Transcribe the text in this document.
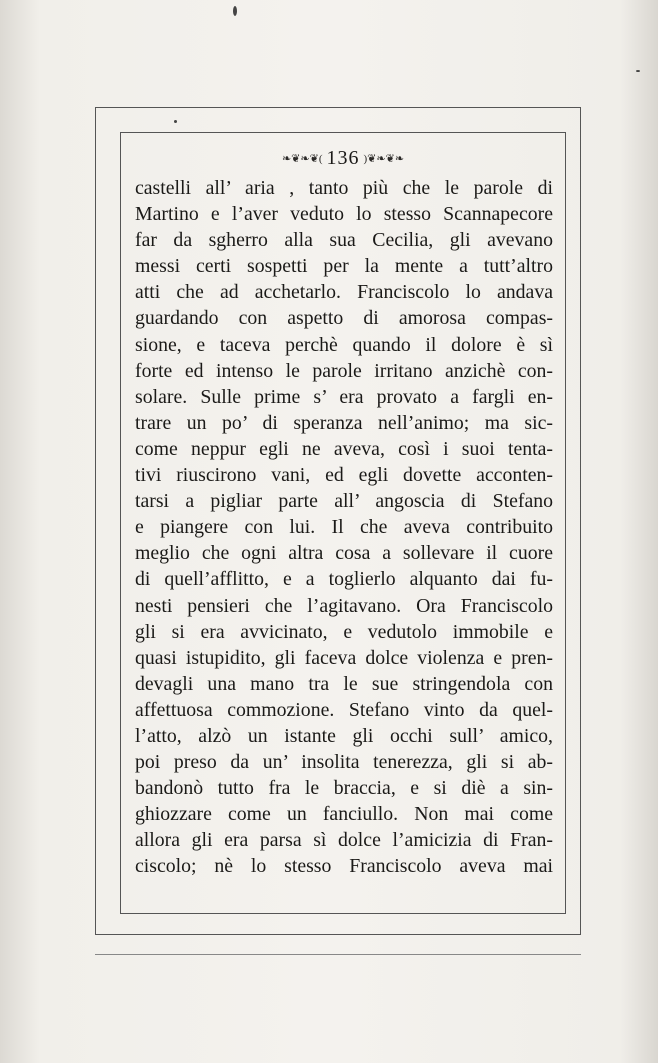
❧❦❧❦( 136 )❦❧❦❧
castelli all’ aria , tanto più che le parole di
Martino e l’aver veduto lo stesso Scannapecore
far da sgherro alla sua Cecilia, gli avevano
messi certi sospetti per la mente a tutt’altro
atti che ad acchetarlo. Franciscolo lo andava
guardando con aspetto di amorosa compas-
sione, e taceva perchè quando il dolore è sì
forte ed intenso le parole irritano anzichè con-
solare. Sulle prime s’ era provato a fargli en-
trare un po’ di speranza nell’animo; ma sic-
come neppur egli ne aveva, così i suoi tenta-
tivi riuscirono vani, ed egli dovette acconten-
tarsi a pigliar parte all’ angoscia di Stefano
e piangere con lui. Il che aveva contribuito
meglio che ogni altra cosa a sollevare il cuore
di quell’afflitto, e a toglierlo alquanto dai fu-
nesti pensieri che l’agitavano. Ora Franciscolo
gli si era avvicinato, e vedutolo immobile e
quasi istupidito, gli faceva dolce violenza e pren-
devagli una mano tra le sue stringendola con
affettuosa commozione. Stefano vinto da quel-
l’atto, alzò un istante gli occhi sull’ amico,
poi preso da un’ insolita tenerezza, gli si ab-
bandonò tutto fra le braccia, e si diè a sin-
ghiozzare come un fanciullo. Non mai come
allora gli era parsa sì dolce l’amicizia di Fran-
ciscolo; nè lo stesso Franciscolo aveva mai
